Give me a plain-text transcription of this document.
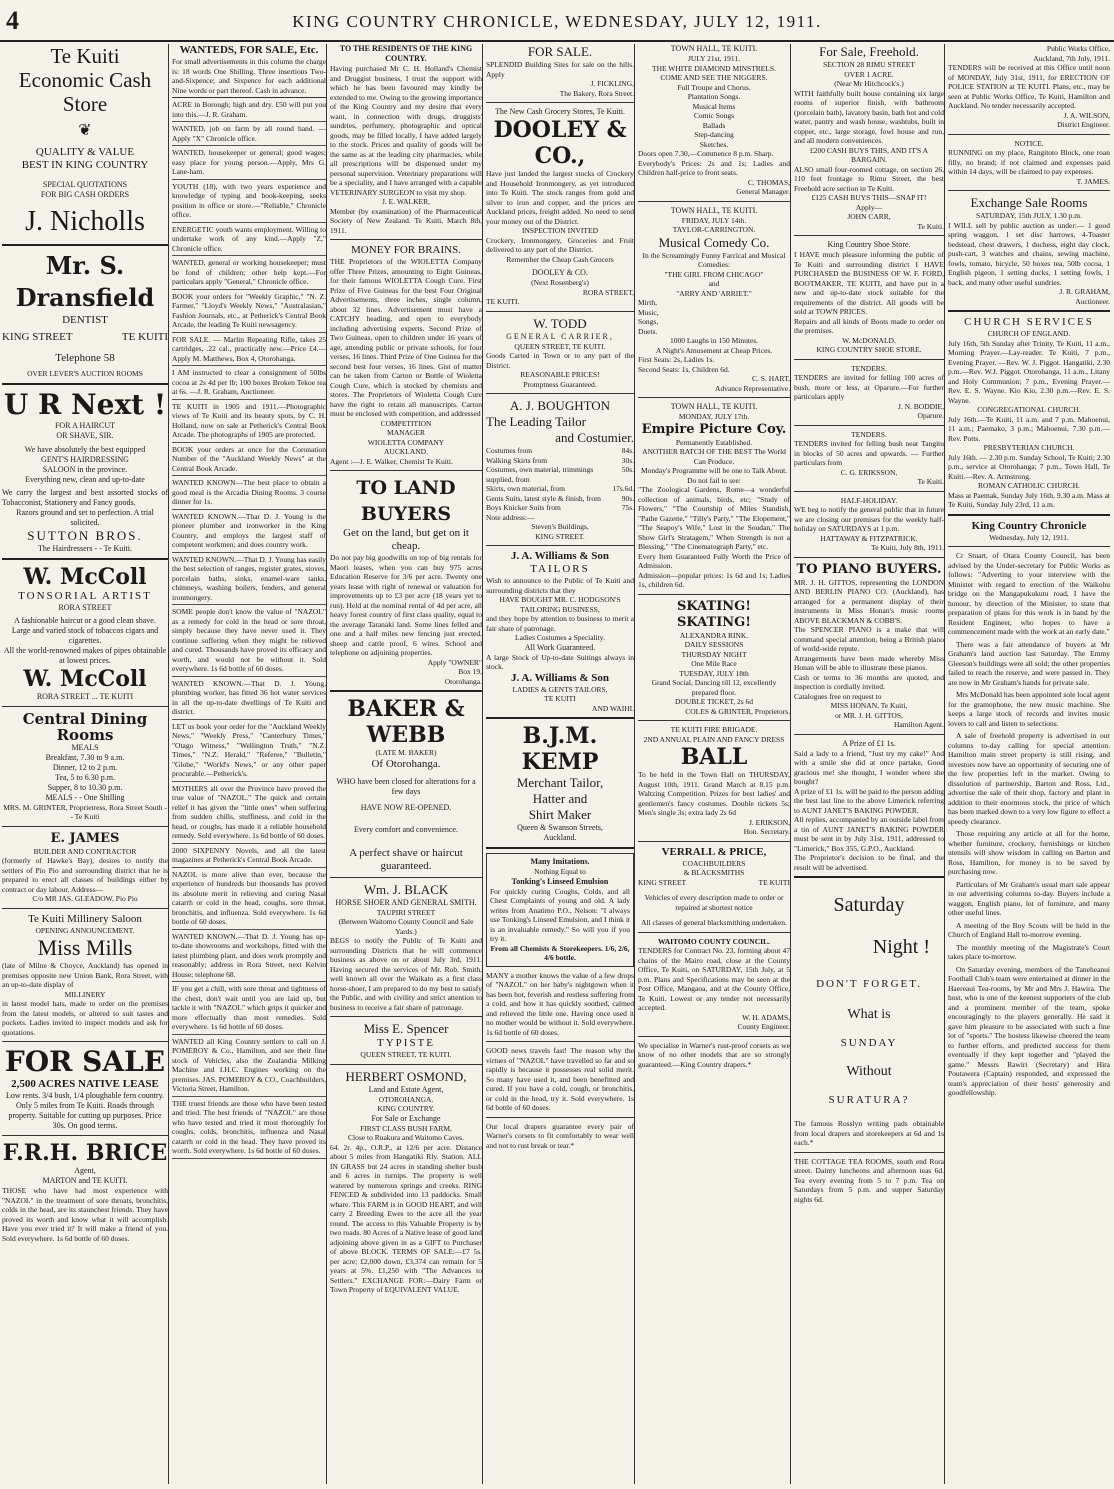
4	KING COUNTRY CHRONICLE, WEDNESDAY, JULY 12, 1911.
Te Kuiti
Economic Cash Store
❦
QUALITY & VALUE
BEST IN KING COUNTRY
SPECIAL QUOTATIONS
FOR BIG CASH ORDERS
J. Nicholls
Mr. S. Dransfield
DENTIST
KING STREET	TE KUITI
Telephone 58
OVER LEVER'S AUCTION ROOMS
U R Next !
FOR A HAIRCUT
OR SHAVE, SIR.
We have absolutely the best equipped
GENT'S HAIRDRESSING
SALOON in the province.
Everything new, clean and up-to-date
We carry the largest and best assorted stocks of Tobacconist, Stationery and Fancy goods.
Razors ground and set to perfection. A trial solicited.
SUTTON BROS.
The Hairdressers - - Te Kuiti.
W. McColl
TONSORIAL ARTIST
RORA STREET
A fashionable haircut or a good clean shave.
Large and varied stock of tobaccos cigars and cigarettes.
All the world-renowned makes of pipes obtainable at lowest prices.
W. McColl
RORA STREET ... TE KUITI
Central Dining Rooms
MEALS
Breakfast, 7.30 to 9 a.m.
Dinner, 12 to 2 p.m.
Tea, 5 to 6.30 p.m.
Supper, 8 to 10.30 p.m.
MEALS - - One Shilling
MRS. M. GRINTER, Proprietress, Rora Street South - - Te Kuiti
E. JAMES
BUILDER AND CONTRACTOR
(formerly of Hawke's Bay), desires to notify the settlers of Pio Pio and surrounding district that he is prepared to erect all classes of buildings either by contract or day labour. Address—
C/o MR JAS. GLEADOW, Pio Pio
Te Kuiti Millinery Saloon
OPENING ANNOUNCEMENT.
Miss Mills
(late of Milne & Choyce, Auckland) has opened in premises opposite new Union Bank, Rora Street, with an up-to-date display of
MILLINERY
in latest model hats, made to order on the premises from the latest models, or altered to suit tastes and pockets. Ladies invited to inspect models and ask for quotations.
FOR SALE
2,500 ACRES NATIVE LEASE
Low rents. 3/4 bush, 1/4 ploughable fern country. Only 5 miles from Te Kuiti. Roads through property. Suitable for cutting up purposes. Price 30s. On good terms.
F.R.H. BRICE
Agent,
MARTON and TE KUITI.
THOSE who have had most experience with "NAZOL" in the treatment of sore throats, bronchitis, colds in the head, are its staunchest friends. They have proved its worth and know what it will accomplish. Have you ever tried it? It will make a friend of you. Sold everywhere. 1s 6d bottle of 60 doses.
WANTEDS, FOR SALE, Etc.
For small advertisements in this column the charge is: 18 words One Shilling. Three insertions Two-and-Sixpence; and Sixpence for each additional Nine words or part thereof. Cash in advance.
ACRE in Borough; high and dry. £50 will put you into this.—J. R. Graham.
WANTED, job on farm by all round hand. — Apply "X" Chronicle office.
WANTED, housekeeper or general; good wages; easy place for young person.—Apply, Mrs G. Lane-ham.
YOUTH (18), with two years experience and knowledge of typing and book-keeping, seeks position in office or store.—"Reliable," Chronicle office.
ENERGETIC youth wants employment. Willing to undertake work of any kind.—Apply "Z," Chronicle office.
WANTED, general or working housekeeper; must be fond of children; other help kept.—For particulars apply "General," Chronicle office.
BOOK your orders for "Weekly Graphic," "N. Z. Farmer," "Lloyd's Weekly News," "Australasian," Fashion Journals, etc., at Petherick's Central Book Arcade, the leading Te Kuiti newsagency.
FOR SALE. — Marlin Repeating Rifle, takes 25 cartridges, .22 cal., practically new.—Price £4.—Apply M. Matthews, Box 4, Otorohanga.
I AM instructed to clear a consignment of 50lbs cocoa at 2s 4d per lb; 100 boxes Broken Tekoe tea at 6s. —J. R. Graham, Auctioneer.
TE KUITI in 1905 and 1911.—Photographic views of Te Kuiti and its beauty spots, by C. H. Holland, now on sale at Petherick's Central Book Arcade. The photographs of 1905 are protected.
BOOK your orders at once for the Coronation Number of the "Auckland Weekly News" at the Central Book Arcade.
WANTED KNOWN—The best place to obtain a good meal is the Arcadia Dining Rooms. 3 course dinner for 1s.
WANTED KNOWN.—That D. J. Young is the pioneer plumber and ironworker in the King Country, and employs the largest staff of competent workmen; and does country work.
WANTED KNOWN.—That D. J. Young has easily the best selection of ranges, register grates, stoves, porcelain baths, sinks, enamel-ware tanks, chimneys, washing boilers, fenders, and general ironmongery.
SOME people don't know the value of "NAZOL" as a remedy for cold in the head or sore throat, simply because they have never used it. They continue suffering when they might be relieved and cured. Thousands have proved its efficacy and worth, and would not be without it. Sold everywhere. 1s 6d bottle of 60 doses.
WANTED KNOWN.—That D. J. Young, plumbing worker, has fitted 36 hot water services in all the up-to-date dwellings of Te Kuiti and district.
LET us book your order for the "Auckland Weekly News," "Weekly Press," "Canterbury Times," "Otago Witness," "Wellington Truth," "N.Z. Times," "N.Z. Herald," "Referee," "Bulletin," "Globe," "World's News," or any other paper procurable.—Petherick's.
MOTHERS all over the Province have proved the true value of "NAZOL." The quick and certain relief it has given the "little ones" when suffering from sudden chills, stuffiness, and cold in the head, or coughs, has made it a reliable household remedy. Sold everywhere. 1s 6d bottle of 60 doses.
2000 SIXPENNY Novels, and all the latest magazines at Petherick's Central Book Arcade.
NAZOL is more alive than ever, because the experience of hundreds but thousands has proved its absolute merit in relieving and curing Nasal catarrh or cold in the head, coughs, sore throat, bronchitis, and influenza. Sold everywhere. 1s 6d bottle of 60 doses.
WANTED KNOWN.—That D. J. Young has up-to-date showrooms and workshops, fitted with the latest plumbing plant, and does work promptly and reasonably; address in Rora Street, next Kelvin House; telephone 68.
IF you get a chill, with sore throat and tightness of the chest, don't wait until you are laid up, but tackle it with "NAZOL" which grips it quicker and more effectually than most remedies. Sold everywhere. 1s 6d bottle of 60 doses.
WANTED all King Country settlers to call on J. POMEROY & Co., Hamilton, and see their fine stock of Vehicles, also the Zealandia Milking Machine and I.H.C. Engines working on the premises. JAS. POMEROY & CO., Coachbuilders, Victoria Street, Hamilton.
THE truest friends are those who have been tested and tried. The best friends of "NAZOL" are those who have tested and tried it most thoroughly for coughs, colds, bronchitis, influenza and Nasal catarrh or cold in the head. They have proved its worth. Sold everywhere. 1s 6d bottle of 60 doses.
TO THE RESIDENTS OF THE KING COUNTRY.
Having purchased Mr C. H. Holland's Chemist and Druggist business, I trust the support with which he has been favoured may kindly be extended to me. Owing to the growing importance of the King Country and my desire that every want, in connection with drugs, druggists' sundries, perfumery, photographic and optical goods, may be filled locally, I have added largely to the stock. Prices and quality of goods will be the same as at the leading city pharmacies, while all prescriptions will be dispensed under my personal supervision. Veterinary preparations will be a speciality, and I have arranged with a capable VETERINARY SURGEON to visit my shop.
J. E. WALKER,
Member (by examination) of the Pharmaceutical Society of New Zealand. Te Kuiti, March 8th, 1911.
MONEY FOR BRAINS.
THE Proprietors of the WIOLETTA Company offer Three Prizes, amounting to Eight Guineas, for their famous WIOLETTA Cough Cure. First Prize of Five Guineas for the best Four Original Advertisements, three inches, single column, about 32 lines. Advertisement must have a CATCHY heading, and open to everybody including advertising experts. Second Prize of Two Guineas, open to children under 16 years of age, attending public or private schools, for four verses, 16 lines. Third Prize of One Guinea for the second best four verses, 16 lines. Gist of matter can be taken from Carton or Bottle of Wioletta Cough Cure, which is stocked by chemists and stores. The Proprietors of Wioletta Cough Cure have the right to retain all manuscripts. Carton must be enclosed with competition, and addressed
COMPETITION
MANAGER
WIOLETTA COMPANY
AUCKLAND.
Agent :—J. E. Walker, Chemist Te Kuiti.
TO LAND BUYERS
Get on the land, but get on it cheap.
Do not pay big goodwills on top of big rentals for Maori leases, when you can buy 975 acres Education Reserve for 3/6 per acre. Twenty one years lease with right of renewal or valuation for improvements up to £3 per acre (18 years yet to run). Held at the nominal rental of 4d per acre, all heavy forest country of first class quality, equal to the average Taranaki land. Some lines felled and one and a half miles new fencing just erected, sheep and cattle proof, 6 wires. School and telephone on adjoining properties.
Apply "OWNER"
Box 19,
Otorohanga.
BAKER & WEBB
(LATE M. BAKER)
Of Otorohanga.
WHO have been closed for alterations for a few days
HAVE NOW RE-OPENED.
Every comfort and convenience.
A perfect shave or haircut guaranteed.
Wm. J. BLACK
HORSE SHOER AND GENERAL SMITH.
TAUPIRI STREET
(Between Waitomo County Council and Sale Yards.)
BEGS to notify the Public of Te Kuiti and surrounding Districts that he will commence business as above on or about July 3rd, 1911. Having secured the services of Mr. Rob. Smith, well known all over the Waikato as a first class horse-shoer, I am prepared to do my best to satisfy the Public, and with civility and strict attention to business to receive a fair share of patronage.
Miss E. Spencer
TYPISTE
QUEEN STREET, TE KUITI.
HERBERT OSMOND,
Land and Estate Agent,
OTOROHANGA.
KING COUNTRY.
For Sale or Exchange
FIRST CLASS BUSH FARM,
Close to Ruakura and Waitomo Caves.
64. 2r. 4p., O.R.P., at 12/6 per acre. Distance about 5 miles from Hangatiki Rly. Station. ALL IN GRASS but 24 acres in standing shelter bush and 6 acres in turnips. The property is well watered by numerous springs and creeks. RING FENCED & subdivided into 13 paddocks. Small whare. This FARM is in GOOD HEART, and will carry 2 Breeding Ewes to the acre all the year round. The access to this Valuable Property is by two roads. 80 Acres of a Native lease of good land adjoining above given in as a GIFT to Purchaser of above BLOCK. TERMS OF SALE:—£7 5s. per acre; £2,000 down, £3,374 can remain for 5 years at 5%. £1,250 with "The Advances to Settlers." EXCHANGE FOR:—Dairy Farm or Town Property of EQUIVALENT VALUE.
FOR SALE.
SPLENDID Building Sites for sale on the hills. Apply
J. FICKLING,
The Bakery, Rora Street.
The New Cash Grocery Stores, Te Kuiti.
DOOLEY & CO.,
Have just landed the largest stocks of Crockery and Household Ironmongery, as yet introduced into Te Kuiti. The stock ranges from gold and silver to iron and copper, and the prices are Auckland prices, freight added. No need to send your money out of the District.
INSPECTION INVITED
Crockery, Ironmongery, Groceries and Fruit delivered to any part of the District.
Remember the Cheap Cash Grocers
DOOLEY & CO.
(Next Rosenberg's)
RORA STREET,
TE KUITI.
W. TODD
GENERAL CARRIER,
QUEEN STREET, TE KUITI.
Goods Carted in Town or to any part of the District.
REASONABLE PRICES!
Promptness Guaranteed.
A. J. BOUGHTON
The Leading Tailor
and Costumier.
Costumes from	84s.
Walking Skirts from	30s.
Costumes, own material, trimmings supplied, from
50s.
Skirts, own material, from	17s.6d.
Gents Suits, latest style & finish, from	90s.
Boys Knicker Suits from	75s.
Note address:—
Steven's Buildings,
KING STREET.
J. A. Williams & Son
TAILORS
Wish to announce to the Public of Te Kuiti and surrounding districts that they
HAVE BOUGHT MR. C. HODGSON'S TAILORING BUSINESS,
and they hope by attention to business to merit a fair share of patronage.
Ladies Costumes a Speciality.
All Work Guaranteed.
A large Stock of Up-to-date Suitings always in stock.
J. A. Williams & Son
LADIES & GENTS TAILORS,
TE KUITI
AND WAIHI.
B.J.M. KEMP
Merchant Tailor,
Hatter and
Shirt Maker
Queen & Swanson Streets,
Auckland.
Many Imitations.
Nothing Equal to
Tonking's Linseed Emulsion
For quickly curing Coughs, Colds, and all Chest Complaints of young and old. A lady writes from Anatimo P.O., Nelson: "I always use Tonking's Linseed Emulsion, and I think it is an invaluable remedy." So will you if you try it.
From all Chemists & Storekeepers. 1/6, 2/6, 4/6 bottle.
MANY a mother knows the value of a few drops of "NAZOL" on her baby's nightgown when it has been hot, feverish and restless suffering from a cold, and how it has quickly soothed, calmed and relieved the little one. Having once used it no mother would be without it. Sold everywhere. 1s 6d bottle of 60 doses.
GOOD news travels fast! The reason why the virtues of "NAZOL" have travelled so far and so rapidly is because it possesses real solid merit. So many have used it, and been benefitted and cured. If you have a cold, cough, or bronchitis, or cold in the head, try it. Sold everywhere. 1s 6d bottle of 60 doses.
Our local drapers guarantee every pair of Warner's corsets to fit comfortably to wear well and not to rust break or tear.*
TOWN HALL, TE KUITI.
JULY 21st, 1911.
THE WHITE DIAMOND MINSTRELS.
COME AND SEE THE NIGGERS.
Full Troupe and Chorus.
Plantation Songs.
Musical Items
Comic Songs
Ballads
Step-dancing
Sketches.
Doors open 7.30,—Commence 8 p.m. Sharp.
Everybody's Prices: 2s and 1s; Ladies and Children half-price to front seats.
C. THOMAS,
General Manager.
TOWN HALL, TE KUITI.
FRIDAY, JULY 14th.
TAYLOR-CARRINGTON.
Musical Comedy Co.
In the Screamingly Funny Farcical and Musical Comedies:
"THE GIRL FROM CHICAGO"
and
"ARRY AND 'ARRIET."
Mirth,
Music,
Songs,
Duets.
1000 Laughs in 150 Minutes.
A Night's Amusement at Cheap Prices.
First Seats: 2s, Ladies 1s.
Second Seats: 1s, Children 6d.
C. S. HART,
Advance Representative.
TOWN HALL, TE KUITI.
MONDAY, JULY 17th.
Empire Picture Coy.
Permanently Established.
ANOTHER BATCH OF THE BEST The World Can Produce.
Monday's Programme will be one to Talk About.
Do not fail to see:
"The Zoological Gardens, Rome—a wonderful collection of animals, birds, etc; "Study of Flowers," "The Courtship of Miles Standish, "Pathe Gazette," "Tilly's Party," "The Elopement," "The Seapoy's Wife," Lost in the Soudan," The Show Girl's Stratagem," When Strength is not a Blessing," "The Cinematograph Party," etc.
Every Item Guaranteed Fully Worth the Price of Admission.
Admission—popular prices: 1s 6d and 1s; Ladies 1s, children 6d.
SKATING! SKATING!
ALEXANDRA RINK.
DAILY SESSIONS
THURSDAY NIGHT
One Mile Race
TUESDAY, JULY 18th
Grand Social, Dancing till 12, excellently prepared floor.
DOUBLE TICKET, 2s 6d
COLES & GRINTER, Proprietors.
TE KUITI FIRE BRIGADE.
2ND ANNUAL PLAIN AND FANCY DRESS
BALL
To be held in the Town Hall on THURSDAY, August 10th, 1911. Grand March at 8.15 p.m. Waltzing Competition. Prizes for best ladies' and gentlemen's fancy costumes. Double tickets 5s; Men's single 3s; extra lady 2s 6d
J. ERIKSON,
Hon. Secretary.
VERRALL & PRICE,
COACHBUILDERS
& BLACKSMITHS
KING STREET	TE KUITI
Vehicles of every description made to order or repaired at shortest notice
All classes of general blacksmithing undertaken.
WAITOMO COUNTY COUNCIL.
TENDERS for Contract No. 23, forming about 47 chains of the Mairo road, close at the County Office, Te Kuiti, on SATURDAY, 15th July, at 5 p.m. Plans and Specifications may be seen at the Post Office, Mangaoa, and at the County Office, Te Kuiti. Lowest or any tender not necessarily accepted.
W. H. ADAMS,
County Engineer.
We specialise in Warner's rust-proof corsets as we know of no other models that are so strongly guaranteed.—King Country drapers.*
For Sale, Freehold.
SECTION 28 RIMU STREET
OVER 1 ACRE.
(Near Mr Hitchcock's.)
WITH faithfully built house containing six large rooms of superior finish, with bathroom (porcelain bath), lavatory basin, bath hot and cold water, pantry and wash house, washtubs, built in copper, etc., large storage, fowl house and run, and all modern conveniences.
£200 CASH BUYS THIS, AND IT'S A BARGAIN.
ALSO small four-roomed cottage, on section 26, 110 feet frontage to Rimu Street, the best Freehold acre section in Te Kuiti.
£125 CASH BUYS THIS—SNAP IT!
Apply—
JOHN CARR,
Te Kuiti.
King Country Shoe Store.
I HAVE much pleasure informing the public of Te Kuiti and surrounding district I HAVE PURCHASED the BUSINESS OF W. F. FORD, BOOTMAKER, TE KUITI, and have put in a new and up-to-date stock suitable for the requirements of the district. All goods will be sold at TOWN PRICES.
Repairs and all kinds of Boots made to order on the premises.
W. McDONALD.
KING COUNTRY SHOE STORE.
TENDERS.
TENDERS are invited for felling 100 acres of bush, more or less, at Oparure.—For further particulars apply
J. N. BODDIE,
Oparure.
TENDERS.
TENDERS invited for felling bush near Tangitu in blocks of 50 acres and upwards. — Further particulars from
C. G. ERIKSSON,
Te Kuiti.
HALF-HOLIDAY.
WE beg to notify the general public that in future we are closing our premises for the weekly half-holiday on SATURDAYS at 1 p.m.
HATTAWAY & FITZPATRICK.
Te Kuiti, July 8th, 1911.
TO PIANO BUYERS.
MR. J. H. GITTOS, representing the LONDON AND BERLIN PIANO CO. (Auckland), has arranged for a permanent display of their instruments in Miss Honan's music rooms ABOVE BLACKMAN & COBB'S.
The SPENCER PIANO is a make that will command special attention, being a British piano of world-wide repute.
Arrangements have been made whereby Miss Honan will be able to illustrate these pianos.
Cash or terms to 36 months are quoted, and inspection is cordially invited.
Catalogues free on request to
MISS HONAN, Te Kuiti,
or MR. J. H. GITTOS,
Hamilton Agent.
A Prize of £1 1s.
Said a lady to a friend, "Just try my cake!" And with a smile she did at once partake, Good gracious me! she thought, I wonder where she bought?
A prize of £1 1s. will be paid to the person adding the best last line to the above Limerick referring to AUNT JANET'S BAKING POWDER.
All replies, accompanied by an outside label from a tin of AUNT JANET'S BAKING POWDER must be sent in by July 31st, 1911, addressed to "Limerick," Box 355, G.P.O., Auckland.
The Proprietor's decision to be final, and the result will be advertised.
Saturday
Night !
DON'T FORGET.
What is
SUNDAY
Without
SURATURA?
The famous Rosslyn writing pads obtainable from local drapers and storekeepers at 6d and 1s each.*
THE COTTAGE TEA ROOMS, south end Rora street. Dainty luncheons and afternoon teas 6d. Tea every evening from 5 to 7 p.m. Tea on Saturdays from 5 p.m. and supper Saturday nights 6d.
Public Works Office,
Auckland, 7th July, 1911.
TENDERS will be received at this Office until noon of MONDAY, July 31st, 1911, for ERECTION OF POLICE STATION at TE KUITI. Plans, etc., may be seen at Public Works Office, Te Kuiti, Hamilton and Auckland. No tender necessarily accepted.
J. A. WILSON,
District Engineer.
NOTICE.
RUNNING on my place, Rangitoto Block, one roan filly, no brand; if not claimed and expenses paid within 14 days, will be claimed to pay expenses.
T. JAMES.
Exchange Sale Rooms
SATURDAY, 15th JULY, 1.30 p.m.
I WILL sell by public auction as under:— 1 good spring waggon, 1 set disc harrows, 4-Toaster bedstead, chest drawers, 1 duchess, eight day clock, push-cart, 3 watches and chains, sewing machine, fowls, tomato, bicycle, 50 boxes tea, 50lb cocoa, 1 English pigeon, 1 setting ducks, 1 setting fowls, 1 back, and many other useful sundries.
J. R. GRAHAM,
Auctioneer.
CHURCH SERVICES
CHURCH OF ENGLAND.
July 16th, 5th Sunday after Trinity. Te Kuiti, 11 a.m., Morning Prayer.—Lay-reader. Te Kuiti, 7 p.m., Evening Prayer. —Rev. W. J. Piggot. Hangatiki, 2.30 p.m.—Rev. W.J. Piggot. Otorohanga, 11 a.m., Litany and Holy Communion; 7 p.m., Evening Prayer.—Rev. E. S. Wayne. Kio Kio, 2.30 p.m.—Rev. E. S. Wayne.
CONGREGATIONAL CHURCH.
July 16th.—Te Kuiti, 11 a.m. and 7 p.m. Mahoenui, 11 a.m.; Paemako, 3 p.m.; Mahoenui, 7.30 p.m.—Rev. Potts.
PRESBYTERIAN CHURCH.
July 16th. — 2.30 p.m. Sunday School, Te Kuiti; 2.30 p.m., service at Otorohanga; 7 p.m., Town Hall, Te Kuiti.—Rev. A. Armstrong.
ROMAN CATHOLIC CHURCH.
Mass at Paemak, Sunday July 16th, 9.30 a.m. Mass at Te Kuiti, Sunday July 23rd, 11 a.m.
King Country Chronicle
Wednesday, July 12, 1911.
Cr Stuart, of Otara County Council, has been advised by the Under-secretary for Public Works as follows: "Adverting to your interview with the Minister with regard to erection of the Waikohu bridge on the Mangapukukutu road, I have the honour, by direction of the Minister, to state that preparation of plans for this work is in hand by the Resident Engineer, who hopes to have a commencement made with the work at an early date."
There was a fair attendance of buyers at Mr Graham's land auction last Saturday. The Emmy Gleeson's buildings were all sold; the other properties failed to reach the reserve, and were passed in. They are now in Mr Graham's hands for private sale.
Mrs McDonald has been appointed sole local agent for the gramophone, the new music machine. She keeps a large stock of records and invites music lovers to call and listen to selections.
A sale of freehold property is advertised in our columns to-day calling for special attention. Hamilton main street property is still rising, and investors now have an opportunity of securing one of the few properties left in the market. Owing to dissolution of partnership, Barton and Ross, Ltd., advertise the sale of their shop, factory and plant in addition to their enormous stock, the price of which has been marked down to a very low figure to effect a speedy clearance.
Those requiring any article at all for the home, whether furniture, crockery, furnishings or kitchen utensils will show wisdom in calling on Barton and Ross, Hamilton, for money is to be saved by purchasing now.
Particulars of Mr Graham's usual mart sale appear in our advertising columns to-day. Buyers include a waggon, English piano, lot of furniture, and many other useful lines.
A meeting of the Boy Scouts will be held in the Church of England Hall to-morrow evening.
The monthly meeting of the Magistrate's Court takes place to-morrow.
On Saturday evening, members of the Taneheanui Football Club's team were entertained at dinner in the Haereaui Tea-rooms, by Mr and Mrs J. Hawira. The host, who is one of the keenest supporters of the club and a prominent member of the team, spoke encouragingly to the players generally. He said it gave him pleasure to be associated with such a fine lot of "sports." The hostess likewise cheered the team to further efforts, and predicted success for them eventually if they kept together and "played the game." Messrs Rawiri (Secretary) and Hira Poutawera (Captain) responded, and expressed the team's appreciation of their hosts' generosity and goodfellowship.
